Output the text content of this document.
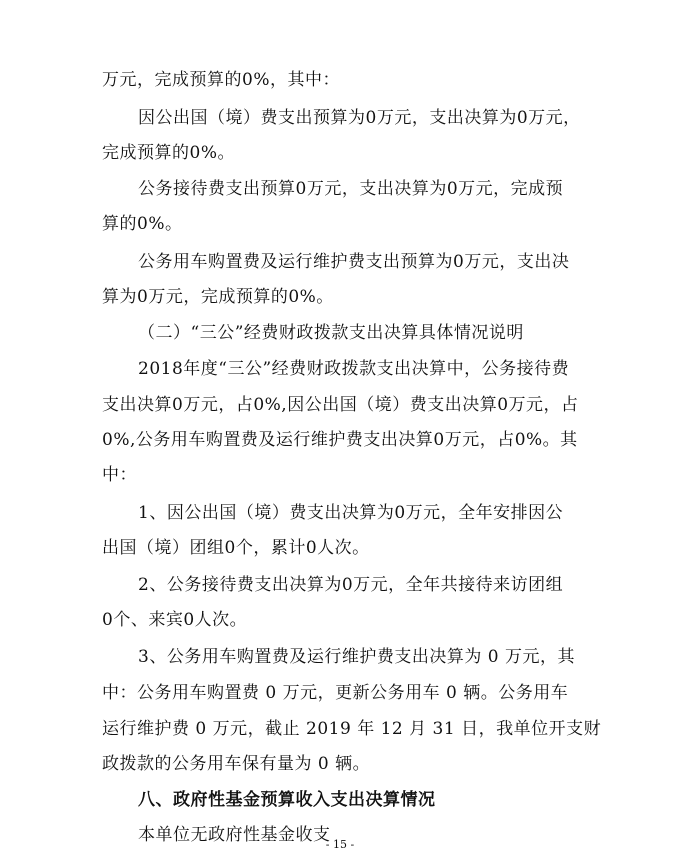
万元，完成预算的0%，其中：
因公出国（境）费支出预算为0万元，支出决算为0万元，
完成预算的0%。
公务接待费支出预算0万元，支出决算为0万元，完成预
算的0%。
公务用车购置费及运行维护费支出预算为0万元，支出决
算为0万元，完成预算的0%。
（二）“三公”经费财政拨款支出决算具体情况说明
2018年度“三公”经费财政拨款支出决算中，公务接待费
支出决算0万元，占0%,因公出国（境）费支出决算0万元，占
0%,公务用车购置费及运行维护费支出决算0万元，占0%。其
中：
1、因公出国（境）费支出决算为0万元，全年安排因公
出国（境）团组0个，累计0人次。
2、公务接待费支出决算为0万元，全年共接待来访团组
0个、来宾0人次。
3、公务用车购置费及运行维护费支出决算为 0 万元，其
中：公务用车购置费 0 万元，更新公务用车 0 辆。公务用车
运行维护费 0 万元，截止 2019 年 12 月 31 日，我单位开支财
政拨款的公务用车保有量为 0 辆。
八、政府性基金预算收入支出决算情况
本单位无政府性基金收支
- 15 -
